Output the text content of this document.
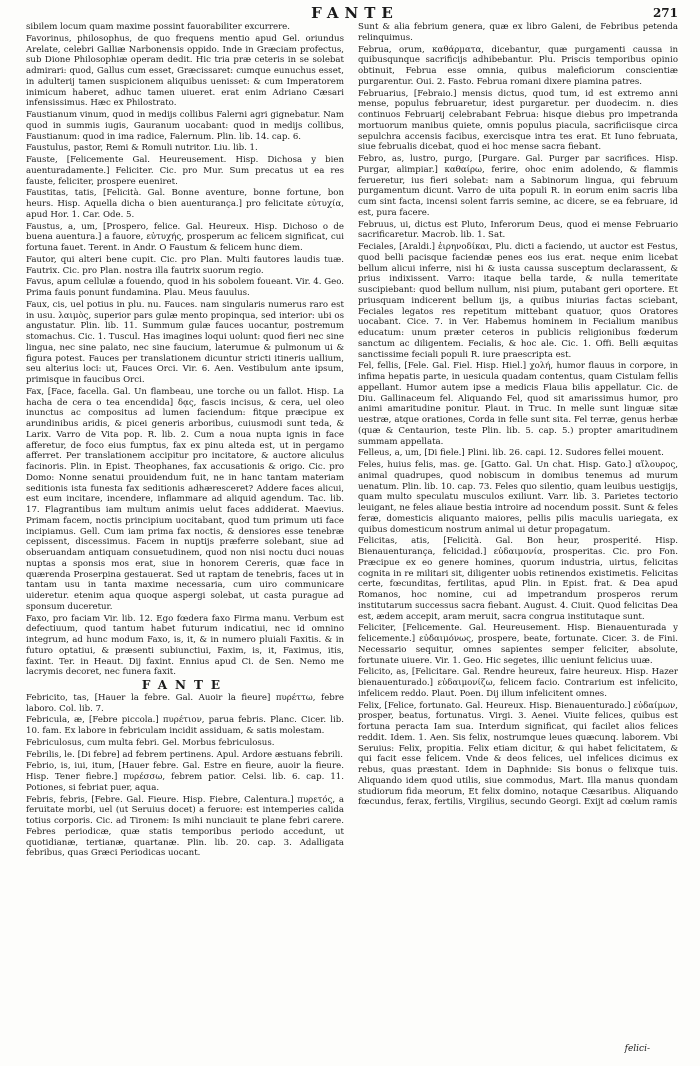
FANTE	271

sibilem locum quam maxime possint fauorabiliter excurrere.

Favorinus, philosophus, de quo frequens mentio apud Gel. oriundus Arelate, celebri Galliæ Narbonensis oppido. Inde in Græciam profectus, sub Dione Philosophiæ operam dedit. Hic tria præ ceteris in se solebat admirari: quod, Gallus cum esset, Græcissaret: cumque eunuchus esset, in adulterij tamen suspicionem aliquibus uenisset: & cum Imperatorem inimicum haberet, adhuc tamen uiueret. erat enim Adriano Cæsari infensissimus. Hæc ex Philostrato.

Faustianum vinum, quod in medijs collibus Falerni agri gignebatur. Nam quod in summis iugis, Gauranum uocabant: quod in medijs collibus, Faustianum: quod in ima radice, Falernum. Plin. lib. 14. cap. 6.

Faustulus, pastor, Remi & Romuli nutritor. Liu. lib. 1.

Fauste, [Felicemente Gal. Heureusement. Hisp. Dichosa y bien auenturadamente.] Feliciter. Cic. pro Mur. Sum precatus ut ea res fauste, feliciter, prospere eueniret.

Faustitas, tatis, [Felicità. Gal. Bonne aventure, bonne fortune, bon heurs. Hisp. Aquella dicha o bien auenturança.] pro felicitate εὐτυχία, apud Hor. 1. Car. Ode. 5.

Faustus, a, um, [Prospero, felice. Gal. Heureux. Hisp. Dichoso o de buena auentura.] a fauore, εὐτυχής, prosperum ac felicem significat, cui fortuna fauet. Terent. in Andr. O Faustum & felicem hunc diem.

Fautor, qui alteri bene cupit. Cic. pro Plan. Multi fautores laudis tuæ. Fautrix. Cic. pro Plan. nostra illa fautrix suorum regio.

Favus, apum cellulæ a fouendo, quod in his sobolem foueant. Vir. 4. Geo. Prima fauis ponunt fundamina. Plau. Meus fauulus.

Faux, cis, uel potius in plu. nu. Fauces. nam singularis numerus raro est in usu. λαιμὸς, superior pars gulæ mento propinqua, sed interior: ubi os angustatur. Plin. lib. 11. Summum gulæ fauces uocantur, postremum stomachus. Cic. 1. Tuscul. Has imagines loqui uolunt: quod fieri nec sine lingua, nec sine palato, nec sine faucium, laterumue & pulmonum ui & figura potest. Fauces per translationem dicuntur stricti itineris uallium, seu alterius loci: ut, Fauces Orci. Vir. 6. Aen. Vestibulum ante ipsum, primisque in faucibus Orci.

Fax, [Face, facella. Gal. Un flambeau, une torche ou un fallot. Hisp. La hacha de cera o tea encendida] δᾳς, fascis incisus, & cera, uel oleo inunctus ac compositus ad lumen faciendum: fitque præcipue ex arundinibus aridis, & picei generis arboribus, cuiusmodi sunt teda, & Larix. Varro de Vita pop. R. lib. 2. Cum a noua nupta ignis in face afferetur, de foco eius fumptus, fax ex pinu alteda est, ut in pergamo afferret. Per translationem accipitur pro incitatore, & auctore aliculus facinoris. Plin. in Epist. Theophanes, fax accusationis & origo. Cic. pro Domo: Nonne senatui prouidendum fuit, ne in hanc tantam materiam seditionis ista funesta fax seditionis adhæresceret? Addere faces alicui, est eum incitare, incendere, inflammare ad aliquid agendum. Tac. lib. 17. Flagrantibus iam multum animis uelut faces addiderat. Maevius. Primam facem, noctis principium uocitabant, quod tum primum uti face incipiamus. Gell. Cum iam prima fax noctis, & densiores esse tenebræ cepissent, discessimus. Facem in nuptijs præferre solebant, siue ad obseruandam antiquam consuetudinem, quod non nisi noctu duci nouas nuptas a sponsis mos erat, siue in honorem Cereris, quæ face in quærenda Proserpina gestauerat. Sed ut raptam de tenebris, faces ut in tantam usu in tanta maxime necessaria, cum uiro communicare uideretur. etenim aqua quoque aspergi solebat, ut casta purague ad sponsum duceretur.

Faxo, pro faciam Vir. lib. 12. Ego fœdera faxo Firma manu. Verbum est defectiuum, quod tantum habet futurum indicatiui, nec id omnino integrum, ad hunc modum Faxo, is, it, & in numero pluiali Faxitis. & in futuro optatiui, & præsenti subiunctiui, Faxim, is, it, Faximus, itis, faxint. Ter. in Heaut. Dij faxint. Ennius apud Ci. de Sen. Nemo me lacrymis decoret, nec funera faxit.

FANTE

Febricito, tas, [Hauer la febre. Gal. Auoir la fieure] πυρέττω, febre laboro. Col. lib. 7.

Febricula, æ, [Febre piccola.] πυρέτιον, parua febris. Planc. Cicer. lib. 10. fam. Ex labore in febriculam incidit assiduam, & satis molestam.

Febriculosus, cum multa febri. Gel. Morbus febriculosus.

Febrilis, le. [Di febre] ad febrem pertinens. Apul. Ardore æstuans febrili.

Febrio, is, iui, itum, [Hauer febre. Gal. Estre en fieure, auoir la fieure. Hisp. Tener fiebre.] πυρέσσω, febrem patior. Celsi. lib. 6. cap. 11. Potiones, si febriat puer, aqua.

Febris, febris, [Febre. Gal. Fieure. Hisp. Fiebre, Calentura.] πυρετός, a feruitate morbi, uel (ut Seruius docet) a feruore: est intemperies calida totius corporis. Cic. ad Tironem: Is mihi nunciauit te plane febri carere. Febres periodicæ, quæ statis temporibus periodo accedunt, ut quotidianæ, tertianæ, quartanæ. Plin. lib. 20. cap. 3. Adalligata febribus, quas Græci Periodicas uocant.

Sunt & alia febrium genera, quæ ex libro Galeni, de Febribus petenda relinquimus.

Februa, orum, καθάρματα, dicebantur, quæ purgamenti caussa in quibusqunque sacrificijs adhibebantur. Plu. Priscis temporibus opinio obtinuit, Februa esse omnia, quibus maleficiorum conscientiæ purgarentur. Oui. 2. Fasto. Februa romani dixere piamina patres.

Februarius, [Febraio.] mensis dictus, quod tum, id est extremo anni mense, populus februaretur, idest purgaretur. per duodecim. n. dies continuos Februarij celebrabant Februa: hisque diebus pro impetranda mortuorum manibus quiete, omnis populus piacula, sacrificiisque circa sepulchra accensis facibus, exercisque intra tes erat. Et Iuno februata, siue februalis dicebat, quod ei hoc mense sacra fiebant.

Febro, as, lustro, purgo, [Purgare. Gal. Purger par sacrifices. Hisp. Purgar, alimpiar.] καθαίρω, ferire, ohoc enim adolendo, & flammis ferueretur, ius fieri solebat: nam a Sabinorum lingua, qui februum purgamentum dicunt. Varro de uita populi R. in eorum enim sacris liba cum sint facta, incensi solent farris semine, ac dicere, se ea februare, id est, pura facere.

Februus, ui, dictus est Pluto, Inferorum Deus, quod ei mense Februario sacrificaretur. Macrob. lib. 1. Sat.

Feciales, [Araldi.] ἐιρηνοδίκαι, Plu. dicti a faciendo, ut auctor est Festus, quod belli pacisque faciendæ penes eos ius erat. neque enim licebat bellum alicui inferre, nisi hi & iusta caussa susceptum declarassent, & prius indixissent. Varro: itaque bella tarde, & nulla temeritate suscipiebant: quod bellum nullum, nisi pium, putabant geri oportere. Et priusquam indicerent bellum ijs, a quibus iniurias factas sciebant, Feciales legatos res repetitum mittebant quatuor, quos Oratores uocabant. Cice. 7. in Ver. Habemus hominem in Fecialium manibus educatum: unum præter ceteros in publicis religionibus fœderum sanctum ac diligentem. Fecialis, & hoc ale. Cic. 1. Offi. Belli æquitas sanctissime feciali populi R. iure praescripta est.

Fel, fellis, [Fele. Gal. Fiel. Hisp. Hiel.] χολή, humor flauus in corpore, in infima hepatis parte, in uesicula quadam contentus, quam Cistulam fellis appellant. Humor autem ipse a medicis Flaua bilis appellatur. Cic. de Diu. Gallinaceum fel. Aliquando Fel, quod sit amarissimus humor, pro animi amaritudine ponitur. Plaut. in Truc. In melle sunt linguæ sitæ uestræ, atque orationes, Corda in felle sunt sita. Fel terræ, genus herbæ (quæ & Centaurion, teste Plin. lib. 5. cap. 5.) propter amaritudinem summam appellata.

Felleus, a, um, [Di fiele.] Plini. lib. 26. capi. 12. Sudores fellei mouent.

Feles, huius felis, mas. ge. [Gatto. Gal. Un chat. Hisp. Gato.] αἴλουρος, animal quadrupes, quod nobiscum in domibus tenemus ad murum uenatum. Plin. lib. 10. cap. 73. Feles quo silentio, quam leuibus uestigijs, quam multo speculatu musculos exiliunt. Varr. lib. 3. Parietes tectorio leuigant, ne feles aliaue bestia introire ad nocendum possit. Sunt & feles feræ, domesticis aliquanto maiores, pellis pilis maculis uariegata, ex quibus domesticum nostrum animal ui detur propagatum.

Felicitas, atis, [Felicità. Gal. Bon heur, prosperité. Hisp. Bienauenturança, felicidad.] εὐδαιμονία, prosperitas. Cic. pro Fon. Præcipue ex eo genere homines, quorum industria, uirtus, felicitas cognita in re militari sit, diligenter uobis retinendos existimetis. Felicitas certe, fœcunditas, fertilitas, apud Plin. in Epist. frat. & Dea apud Romanos, hoc nomine, cui ad impetrandum prosperos rerum institutarum successus sacra fiebant. August. 4. Ciuit. Quod felicitas Dea est, ædem accepit, aram meruit, sacra congrua institutaque sunt.

Feliciter, [Felicemente. Gal. Heureusement. Hisp. Bienauenturada y felicemente.] εὐδαιμόνως, prospere, beate, fortunate. Cicer. 3. de Fini. Necessario sequitur, omnes sapientes semper feliciter, absolute, fortunate uiuere. Vir. 1. Geo. Hic segetes, illic ueniunt felicius uuæ.

Felicito, as, [Felicitare. Gal. Rendre heureux, faire heureux. Hisp. Hazer bienauenturado.] εὐδαιμονίζω, felicem facio. Contrarium est infelicito, infelicem reddo. Plaut. Poen. Dij illum infelicitent omnes.

Felix, [Felice, fortunato. Gal. Heureux. Hisp. Bienauenturado.] εὐδαίμων, prosper, beatus, fortunatus. Virgi. 3. Aenei. Viuite felices, quibus est fortuna peracta Iam sua. Interdum significat, qui facilet alios felices reddit. Idem. 1. Aen. Sis felix, nostrumque leues quæcunq. laborem. Vbi Seruius: Felix, propitia. Felix etiam dicitur, & qui habet felicitatem, & qui facit esse felicem. Vnde & deos felices, uel infelices dicimus ex rebus, quas præstant. Idem in Daphnide: Sis bonus o felixque tuis. Aliquando idem quod utilis, siue commodus, Mart. Illa manus quondam studiorum fida meorum, Et felix domino, notaque Cæsaribus. Aliquando fœcundus, ferax, fertilis, Virgilius, secundo Georgi. Exijt ad cœlum ramis

felici-
